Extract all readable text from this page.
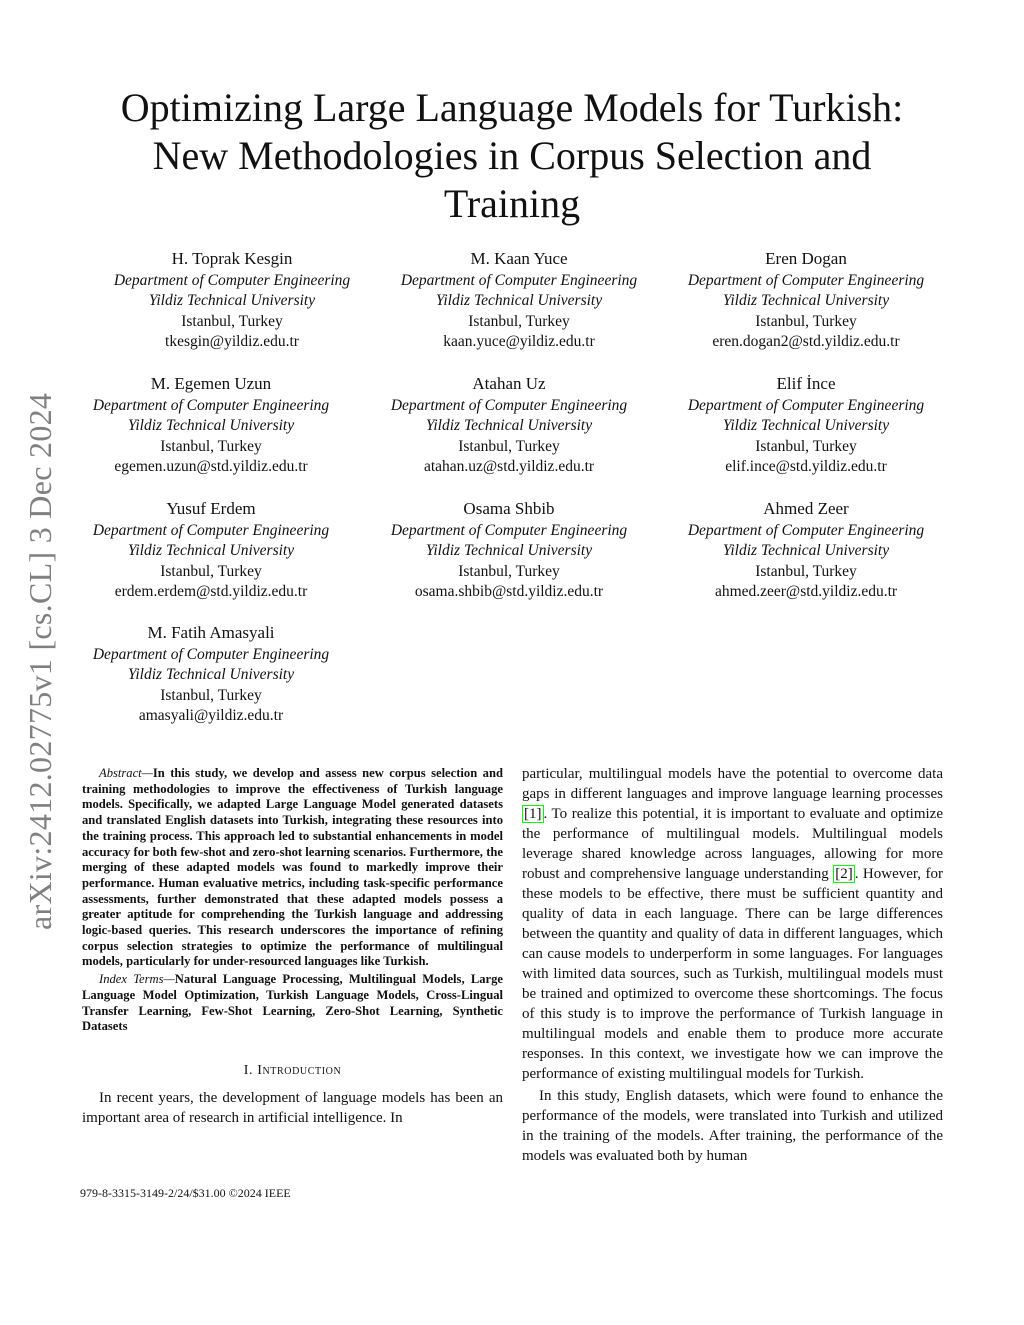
arXiv:2412.02775v1 [cs.CL] 3 Dec 2024
Optimizing Large Language Models for Turkish:
New Methodologies in Corpus Selection and
Training
H. Toprak Kesgin
Department of Computer Engineering
Yildiz Technical University
Istanbul, Turkey
tkesgin@yildiz.edu.tr
M. Kaan Yuce
Department of Computer Engineering
Yildiz Technical University
Istanbul, Turkey
kaan.yuce@yildiz.edu.tr
Eren Dogan
Department of Computer Engineering
Yildiz Technical University
Istanbul, Turkey
eren.dogan2@std.yildiz.edu.tr
M. Egemen Uzun
Department of Computer Engineering
Yildiz Technical University
Istanbul, Turkey
egemen.uzun@std.yildiz.edu.tr
Atahan Uz
Department of Computer Engineering
Yildiz Technical University
Istanbul, Turkey
atahan.uz@std.yildiz.edu.tr
Elif İnce
Department of Computer Engineering
Yildiz Technical University
Istanbul, Turkey
elif.ince@std.yildiz.edu.tr
Yusuf Erdem
Department of Computer Engineering
Yildiz Technical University
Istanbul, Turkey
erdem.erdem@std.yildiz.edu.tr
Osama Shbib
Department of Computer Engineering
Yildiz Technical University
Istanbul, Turkey
osama.shbib@std.yildiz.edu.tr
Ahmed Zeer
Department of Computer Engineering
Yildiz Technical University
Istanbul, Turkey
ahmed.zeer@std.yildiz.edu.tr
M. Fatih Amasyali
Department of Computer Engineering
Yildiz Technical University
Istanbul, Turkey
amasyali@yildiz.edu.tr

Abstract—In this study, we develop and assess new corpus selection and training methodologies to improve the effectiveness of Turkish language models. Specifically, we adapted Large Language Model generated datasets and translated English datasets into Turkish, integrating these resources into the training process. This approach led to substantial enhancements in model accuracy for both few-shot and zero-shot learning scenarios. Furthermore, the merging of these adapted models was found to markedly improve their performance. Human evaluative metrics, including task-specific performance assessments, further demonstrated that these adapted models possess a greater aptitude for comprehending the Turkish language and addressing logic-based queries. This research underscores the importance of refining corpus selection strategies to optimize the performance of multilingual models, particularly for under-resourced languages like Turkish.

Index Terms—Natural Language Processing, Multilingual Models, Large Language Model Optimization, Turkish Language Models, Cross-Lingual Transfer Learning, Few-Shot Learning, Zero-Shot Learning, Synthetic Datasets

I. Introduction

In recent years, the development of language models has been an important area of research in artificial intelligence. In

979-8-3315-3149-2/24/$31.00 ©2024 IEEE

particular, multilingual models have the potential to overcome data gaps in different languages and improve language learning processes [1] . To realize this potential, it is important to evaluate and optimize the performance of multilingual models. Multilingual models leverage shared knowledge across languages, allowing for more robust and comprehensive language understanding [2] . However, for these models to be effective, there must be sufficient quantity and quality of data in each language. There can be large differences between the quantity and quality of data in different languages, which can cause models to underperform in some languages. For languages with limited data sources, such as Turkish, multilingual models must be trained and optimized to overcome these shortcomings. The focus of this study is to improve the performance of Turkish language in multilingual models and enable them to produce more accurate responses. In this context, we investigate how we can improve the performance of existing multilingual models for Turkish.

In this study, English datasets, which were found to enhance the performance of the models, were translated into Turkish and utilized in the training of the models. After training, the performance of the models was evaluated both by human
